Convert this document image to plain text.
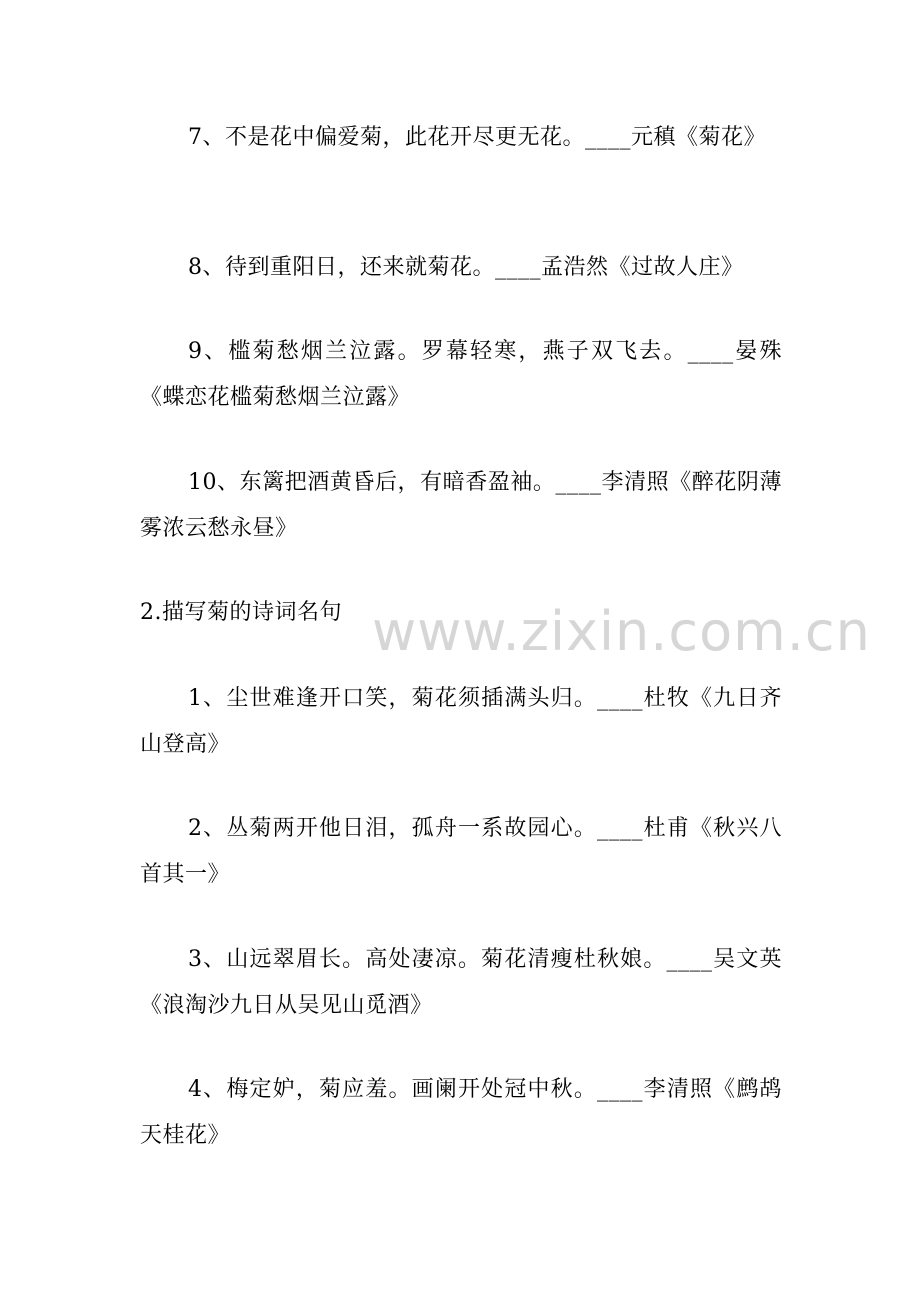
7、不是花中偏爱菊，此花开尽更无花。____元稹《菊花》

8、待到重阳日，还来就菊花。____孟浩然《过故人庄》

9、槛菊愁烟兰泣露。罗幕轻寒，燕子双飞去。____晏殊《蝶恋花槛菊愁烟兰泣露》

10、东篱把酒黄昏后，有暗香盈袖。____李清照《醉花阴薄雾浓云愁永昼》

2.描写菊的诗词名句

1、尘世难逢开口笑，菊花须插满头归。____杜牧《九日齐山登高》

2、丛菊两开他日泪，孤舟一系故园心。____杜甫《秋兴八首其一》

3、山远翠眉长。高处凄凉。菊花清瘦杜秋娘。____吴文英《浪淘沙九日从吴见山觅酒》

4、梅定妒，菊应羞。画阑开处冠中秋。____李清照《鹧鸪天桂花》

www.zixin.com.cn
